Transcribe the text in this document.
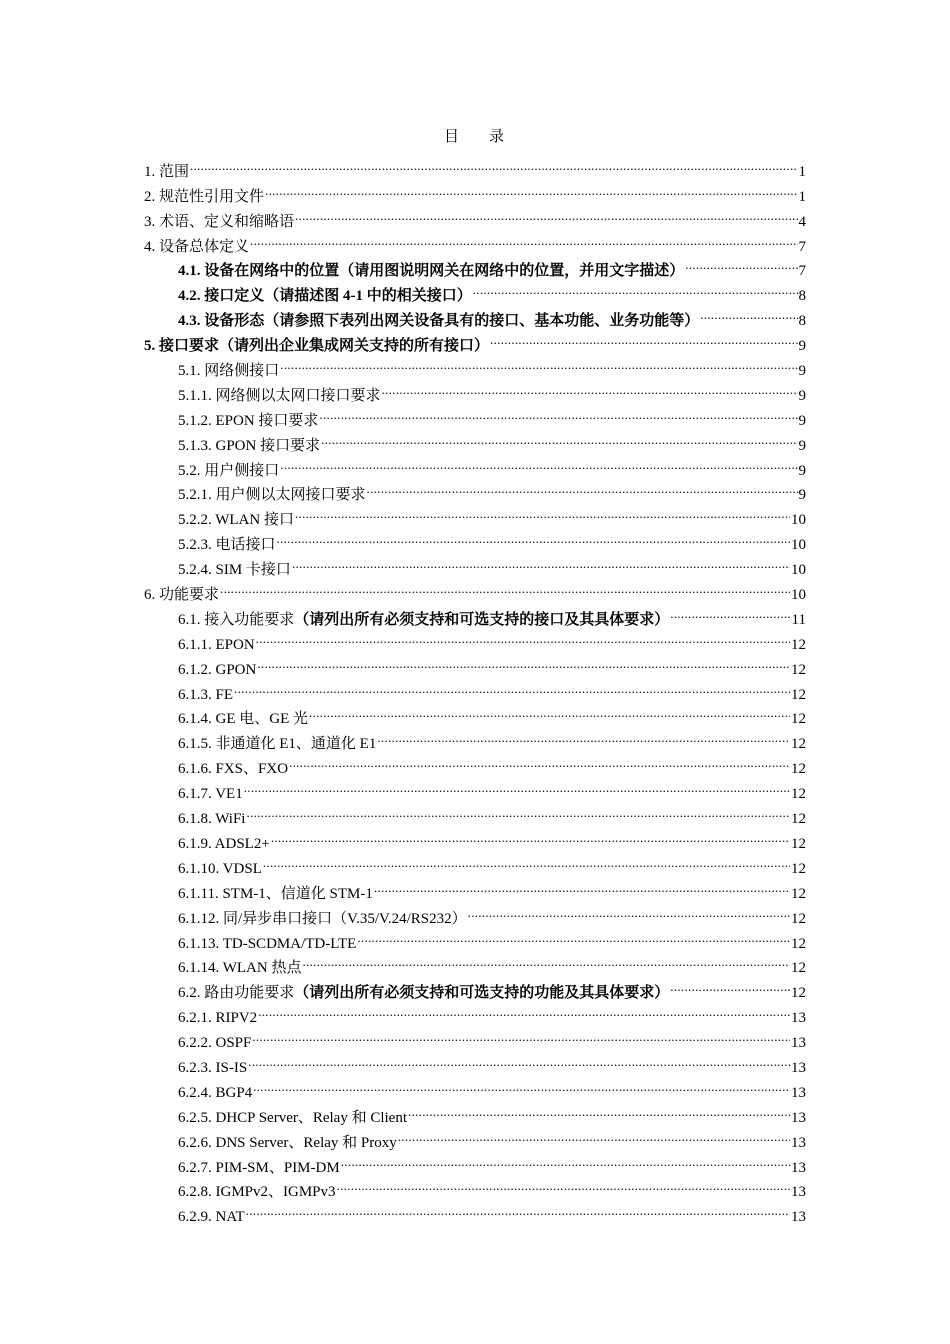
目 录
1. 范围 .....	1
2. 规范性引用文件 .....	1
3. 术语、定义和缩略语 .....	4
4. 设备总体定义 .....	7
4.1. 设备在网络中的位置（请用图说明网关在网络中的位置，并用文字描述） .....	7
4.2. 接口定义（请描述图 4-1 中的相关接口） .....	8
4.3. 设备形态（请参照下表列出网关设备具有的接口、基本功能、业务功能等） .....	8
5. 接口要求（请列出企业集成网关支持的所有接口） .....	9
5.1. 网络侧接口 .....	9
5.1.1. 网络侧以太网口接口要求 .....	9
5.1.2. EPON 接口要求 .....	9
5.1.3. GPON 接口要求 .....	9
5.2. 用户侧接口 .....	9
5.2.1. 用户侧以太网接口要求 .....	9
5.2.2. WLAN 接口 .....	10
5.2.3. 电话接口 .....	10
5.2.4. SIM 卡接口 .....	10
6. 功能要求 .....	10
6.1. 接入功能要求（请列出所有必须支持和可选支持的接口及其具体要求） .....	11
6.1.1. EPON .....	12
6.1.2. GPON .....	12
6.1.3. FE .....	12
6.1.4. GE 电、GE 光 .....	12
6.1.5. 非通道化 E1、通道化 E1 .....	12
6.1.6. FXS、FXO .....	12
6.1.7. VE1 .....	12
6.1.8. WiFi .....	12
6.1.9. ADSL2+ .....	12
6.1.10. VDSL .....	12
6.1.11. STM-1、信道化 STM-1 .....	12
6.1.12. 同/异步串口接口（V.35/V.24/RS232） .....	12
6.1.13. TD-SCDMA/TD-LTE .....	12
6.1.14. WLAN 热点 .....	12
6.2. 路由功能要求（请列出所有必须支持和可选支持的功能及其具体要求） .....	12
6.2.1. RIPV2 .....	13
6.2.2. OSPF .....	13
6.2.3. IS-IS .....	13
6.2.4. BGP4 .....	13
6.2.5. DHCP Server、Relay 和 Client .....	13
6.2.6. DNS Server、Relay 和 Proxy .....	13
6.2.7. PIM-SM、PIM-DM .....	13
6.2.8. IGMPv2、IGMPv3 .....	13
6.2.9. NAT .....	13
